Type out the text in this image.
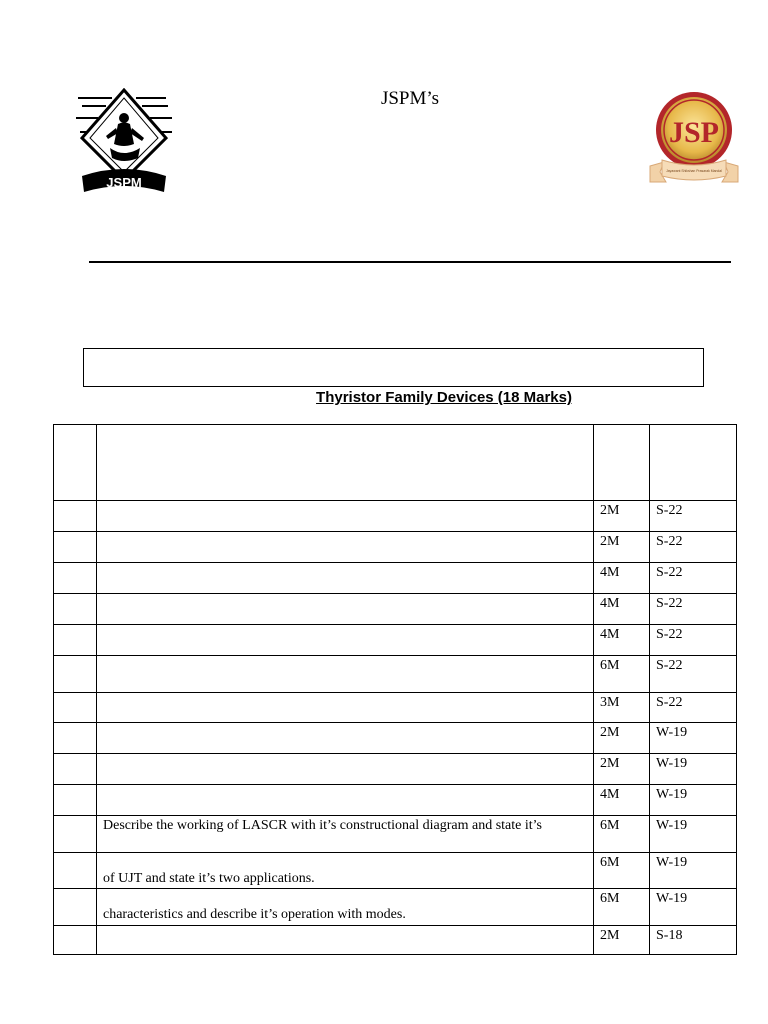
JSPM
JSPM’s
JSP
Jayawant Shikshan Prasarak Mandal
Thyristor Family Devices (18 Marks)

		2M	S-22
		2M	S-22
		4M	S-22
		4M	S-22
		4M	S-22
		6M	S-22
		3M	S-22
		2M	W-19
		2M	W-19
		4M	W-19
	Describe the working of LASCR with it’s constructional diagram and state it’s	6M	W-19
	of UJT and state it’s two applications.	6M	W-19
	characteristics and describe it’s operation with modes.	6M	W-19
		2M	S-18
